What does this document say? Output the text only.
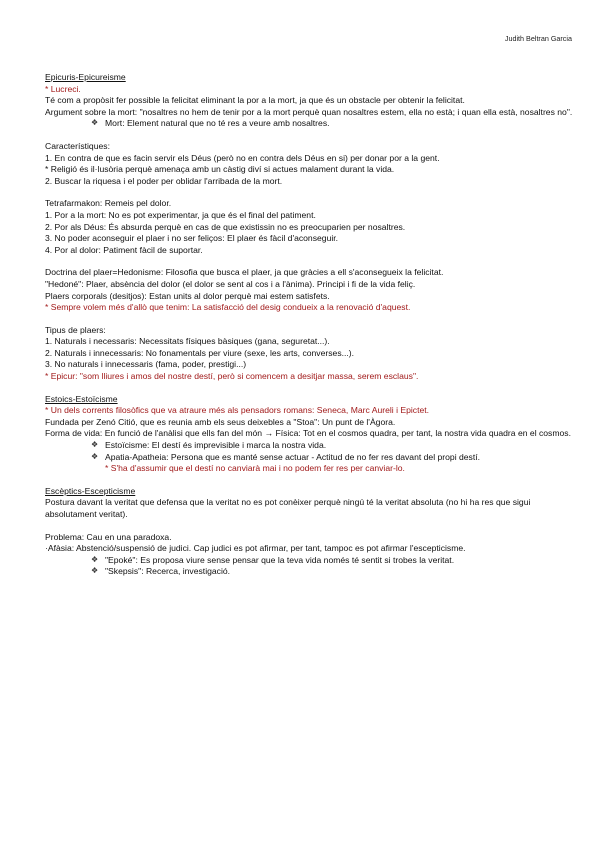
Judith Beltran Garcia

Epicuris-Epicureisme

* Lucreci.

Té com a propòsit fer possible la felicitat eliminant la por a la mort, ja que és un obstacle per obtenir la felicitat.

Argument sobre la mort: "nosaltres no hem de tenir por a la mort perquè quan nosaltres estem, ella no està; i quan ella està, nosaltres no".

❖ Mort: Element natural que no té res a veure amb nosaltres.

Característiques:

1. En contra de que es facin servir els Déus (però no en contra dels Déus en si) per donar por a la gent.

* Religió és il·lusòria perquè amenaça amb un càstig diví si actues malament durant la vida.

2. Buscar la riquesa i el poder per oblidar l'arribada de la mort.

Tetrafarmakon: Remeis pel dolor.

1. Por a la mort: No es pot experimentar, ja que és el final del patiment.

2. Por als Déus: És absurda perquè en cas de que existissin no es preocuparien per nosaltres.

3. No poder aconseguir el plaer i no ser feliços: El plaer és fàcil d'aconseguir.

4. Por al dolor: Patiment fàcil de suportar.

Doctrina del plaer=Hedonisme: Filosofia que busca el plaer, ja que gràcies a ell s'aconsegueix la felicitat.

"Hedoné": Plaer, absència del dolor (el dolor se sent al cos i a l'ànima). Principi i fi de la vida feliç.

Plaers corporals (desitjos): Estan units al dolor perquè mai estem satisfets.

* Sempre volem més d'allò que tenim: La satisfacció del desig condueix a la renovació d'aquest.

Tipus de plaers:

1. Naturals i necessaris: Necessitats físiques bàsiques (gana, seguretat...).

2. Naturals i innecessaris: No fonamentals per viure (sexe, les arts, converses...).

3. No naturals i innecessaris (fama, poder, prestigi...)

* Epicur: "som lliures i amos del nostre destí, però si comencem a desitjar massa, serem esclaus".

Estoics-Estoïcisme

* Un dels corrents filosòfics que va atraure més als pensadors romans: Seneca, Marc Aureli i Epictet.

Fundada per Zenó Citió, que es reunia amb els seus deixebles a "Stoa": Un punt de l'Àgora.

Forma de vida: En funció de l'anàlisi que ells fan del món → Física: Tot en el cosmos quadra, per tant, la nostra vida quadra en el cosmos.

❖ Estoïcisme: El destí és imprevisible i marca la nostra vida.

❖ Apatia-Apatheia: Persona que es manté sense actuar - Actitud de no fer res davant del propi destí.

* S'ha d'assumir que el destí no canviarà mai i no podem fer res per canviar-lo.

Escèptics-Escepticisme

Postura davant la veritat que defensa que la veritat no es pot conèixer perquè ningú té la veritat absoluta (no hi ha res que sigui absolutament veritat).

Problema: Cau en una paradoxa.

·Afàsia: Abstenció/suspensió de judici. Cap judici es pot afirmar, per tant, tampoc es pot afirmar l'escepticisme.

❖ "Epoké": Es proposa viure sense pensar que la teva vida només té sentit si trobes la veritat.

❖ "Skepsis": Recerca, investigació.
